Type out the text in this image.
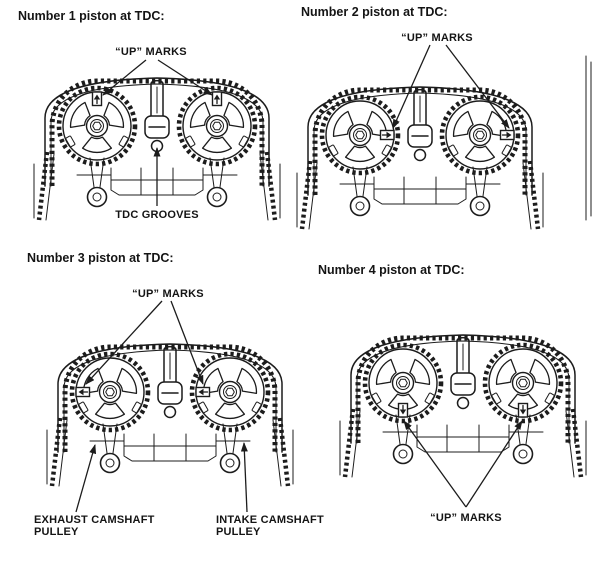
Number 1 piston at TDC:
“UP” MARKS
TDC GROOVES
Number 2 piston at TDC:
“UP” MARKS
Number 3 piston at TDC:
“UP” MARKS
EXHAUST CAMSHAFT PULLEY
INTAKE CAMSHAFT PULLEY
Number 4 piston at TDC:
“UP” MARKS
